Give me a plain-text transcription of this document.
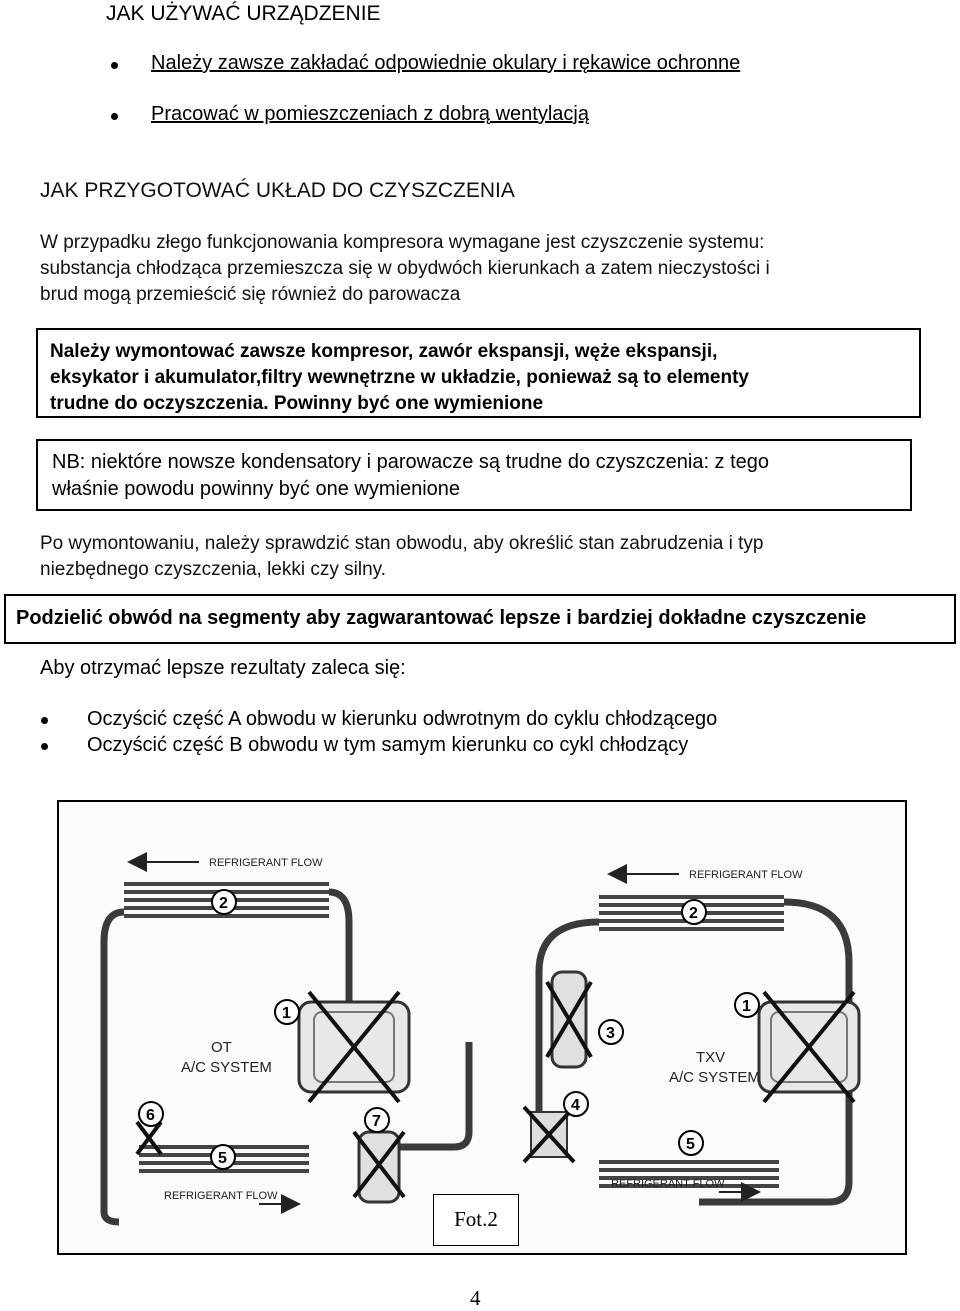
JAK UŻYWAĆ URZĄDZENIE
Należy zawsze zakładać odpowiednie okulary i rękawice ochronne
Pracować w pomieszczeniach z dobrą wentylacją
JAK PRZYGOTOWAĆ UKŁAD DO CZYSZCZENIA
W przypadku złego funkcjonowania kompresora wymagane jest czyszczenie systemu:
substancja chłodząca przemieszcza się w obydwóch kierunkach a zatem nieczystości i
brud mogą przemieścić się również do parowacza
Należy wymontować zawsze kompresor, zawór ekspansji, węże ekspansji,
eksykator i akumulator,filtry wewnętrzne w układzie, ponieważ są to elementy
trudne do oczyszczenia. Powinny być one wymienione
NB: niektóre nowsze kondensatory i parowacze są trudne do czyszczenia: z tego
właśnie powodu powinny być one wymienione
Po wymontowaniu, należy sprawdzić stan obwodu, aby określić stan zabrudzenia i typ
niezbędnego czyszczenia, lekki czy silny.
Podzielić obwód na segmenty aby zagwarantować lepsze i bardziej dokładne czyszczenie
Aby otrzymać lepsze rezultaty zaleca się:
Oczyścić część A obwodu w kierunku odwrotnym do cyklu chłodzącego
Oczyścić część B obwodu w tym samym kierunku co cykl chłodzący
REFRIGERANT FLOW
REFRIGERANT FLOW
OT
A/C SYSTEM
2
1
6	7
5
REFRIGERANT FLOW
TXV
A/C SYSTEM
REFRIGERANT FLOW
2
3
1
4
5
Fot.2
4
